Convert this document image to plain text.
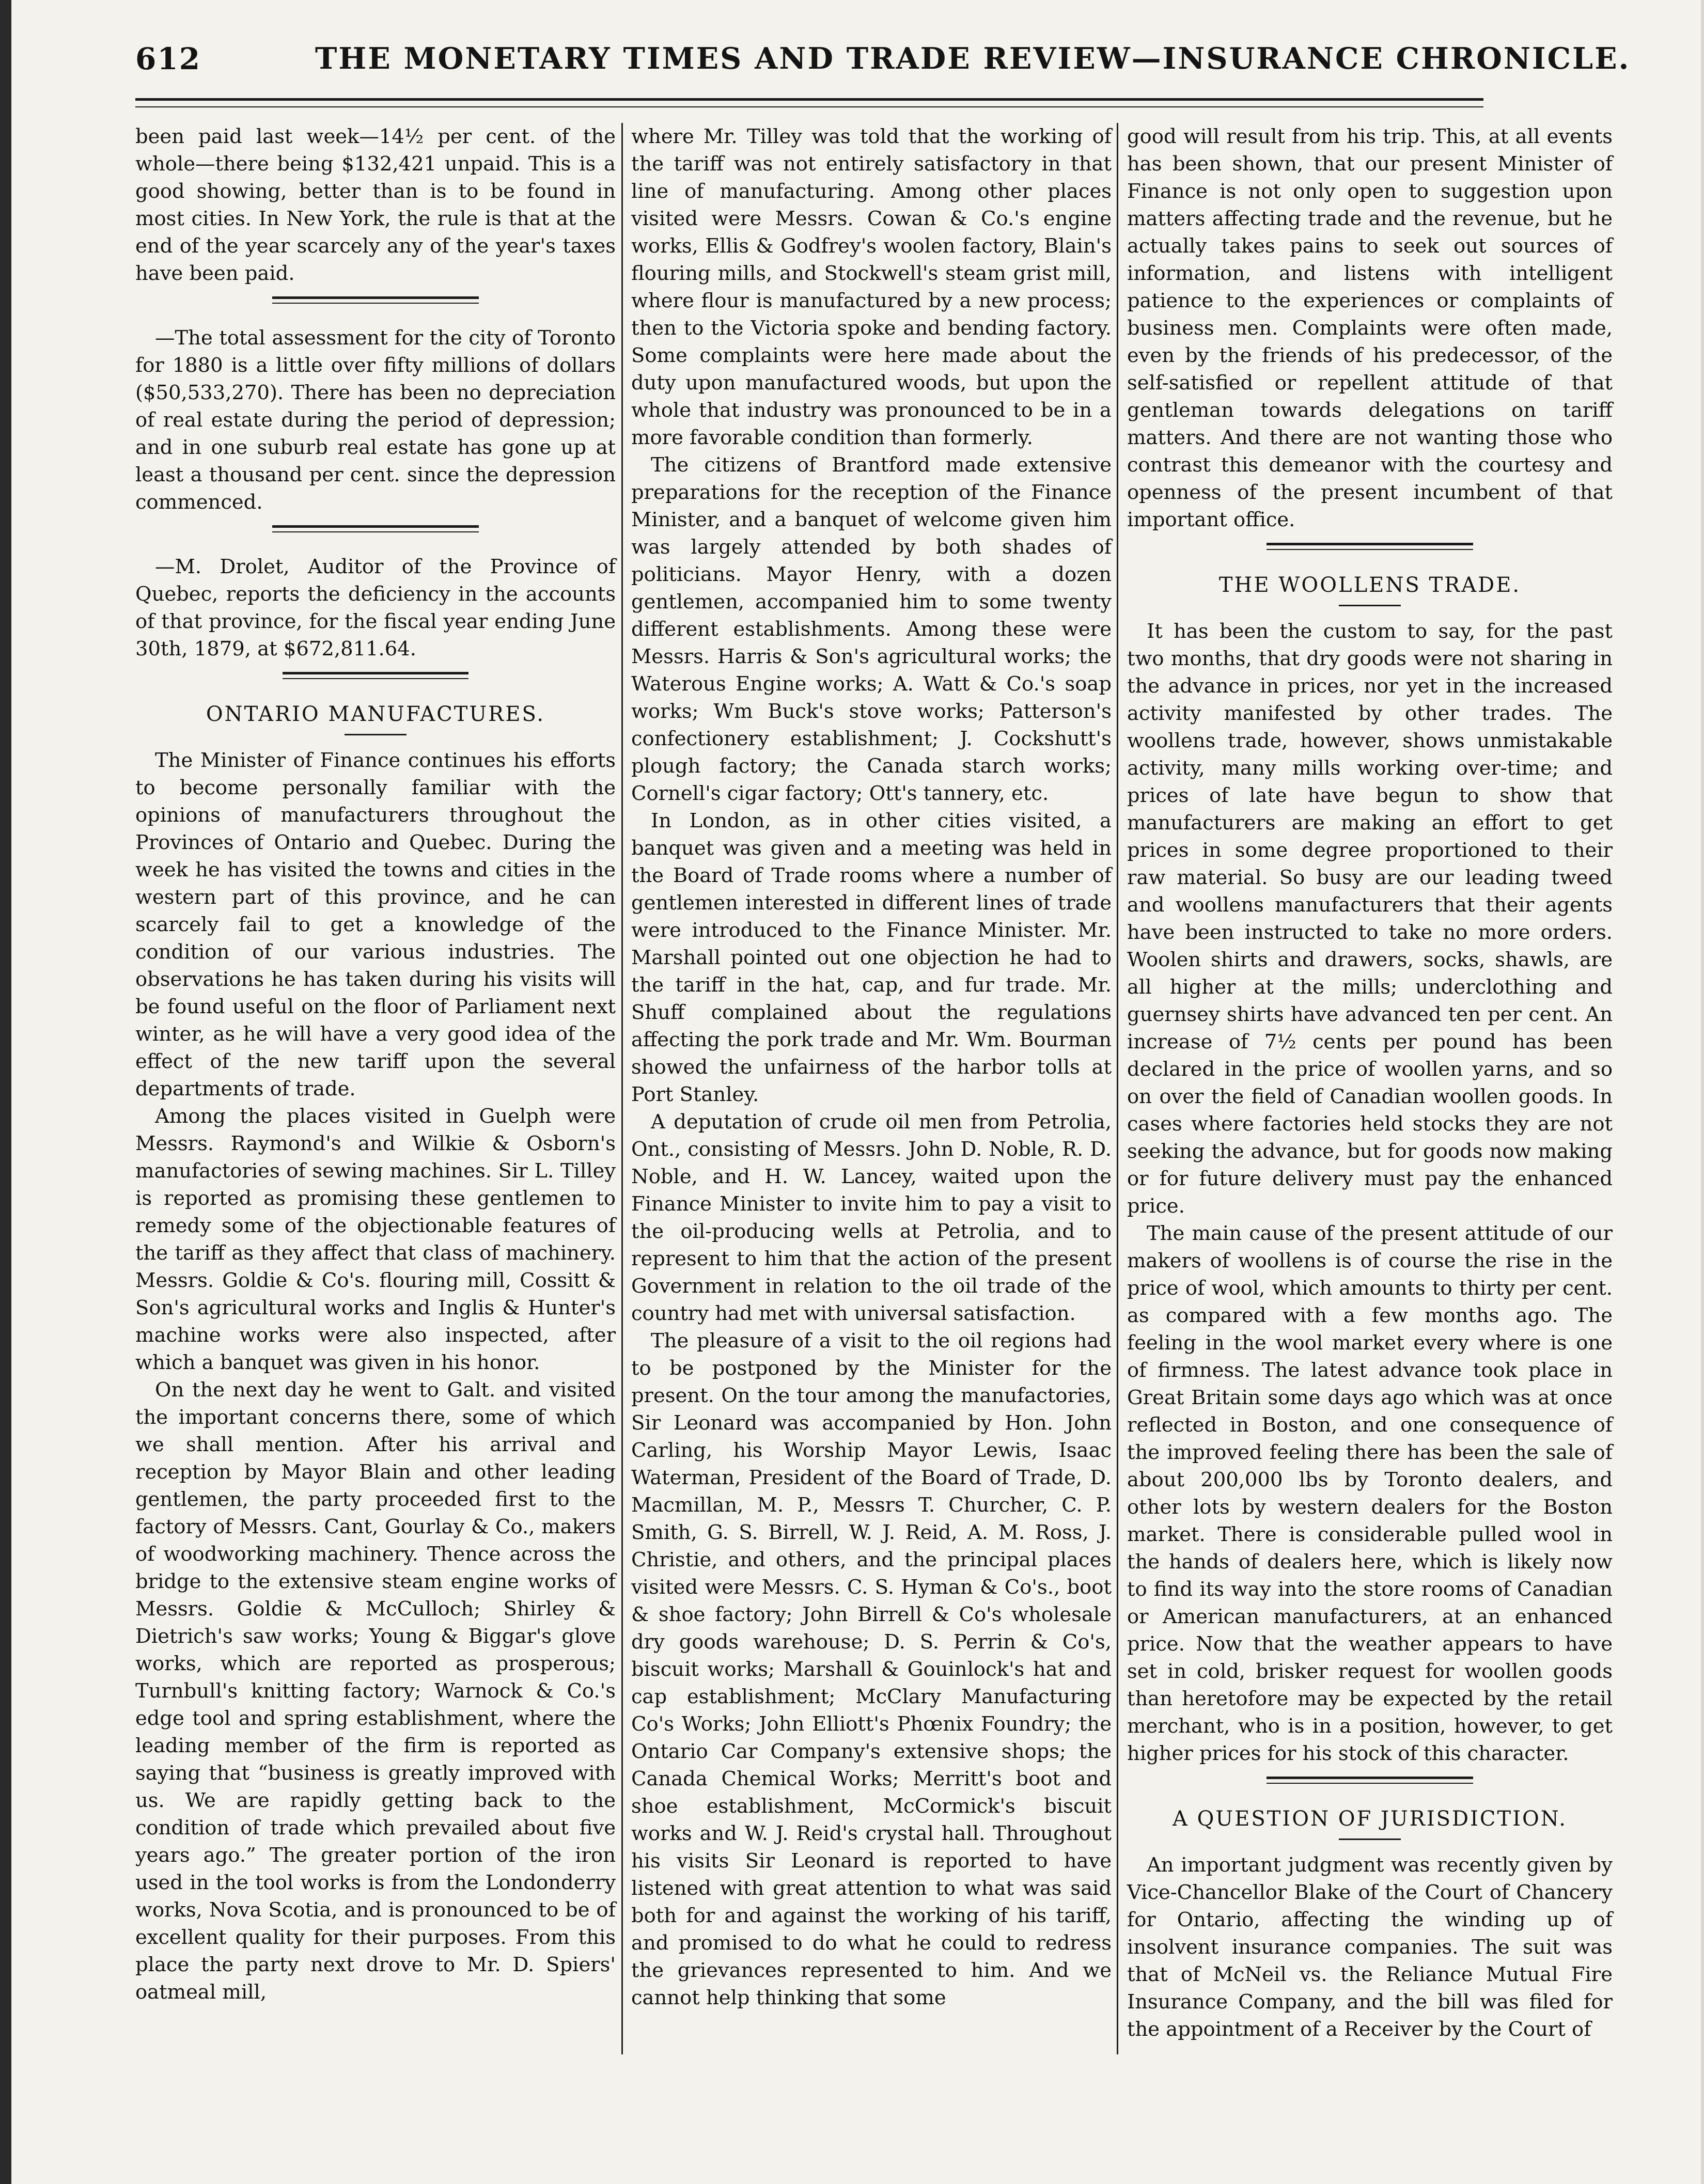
612	THE MONETARY TIMES AND TRADE REVIEW—INSURANCE CHRONICLE.

been paid last week—14½ per cent. of the whole—there being $132,421 unpaid. This is a good showing, better than is to be found in most cities. In New York, the rule is that at the end of the year scarcely any of the year's taxes have been paid.

—The total assessment for the city of Toronto for 1880 is a little over fifty millions of dollars ($50,533,270). There has been no depreciation of real estate during the period of depression; and in one suburb real estate has gone up at least a thousand per cent. since the depression commenced.

—M. Drolet, Auditor of the Province of Quebec, reports the deficiency in the accounts of that province, for the fiscal year ending June 30th, 1879, at $672,811.64.

ONTARIO MANUFACTURES.

The Minister of Finance continues his efforts to become personally familiar with the opinions of manufacturers throughout the Provinces of Ontario and Quebec. During the week he has visited the towns and cities in the western part of this province, and he can scarcely fail to get a knowledge of the condition of our various industries. The observations he has taken during his visits will be found useful on the floor of Parliament next winter, as he will have a very good idea of the effect of the new tariff upon the several departments of trade.

Among the places visited in Guelph were Messrs. Raymond's and Wilkie & Osborn's manufactories of sewing machines. Sir L. Tilley is reported as promising these gentlemen to remedy some of the objectionable features of the tariff as they affect that class of machinery. Messrs. Goldie & Co's. flouring mill, Cossitt & Son's agricultural works and Inglis & Hunter's machine works were also inspected, after which a banquet was given in his honor.

On the next day he went to Galt. and visited the important concerns there, some of which we shall mention. After his arrival and reception by Mayor Blain and other leading gentlemen, the party proceeded first to the factory of Messrs. Cant, Gourlay & Co., makers of woodworking machinery. Thence across the bridge to the extensive steam engine works of Messrs. Goldie & McCulloch; Shirley & Dietrich's saw works; Young & Biggar's glove works, which are reported as prosperous; Turnbull's knitting factory; Warnock & Co.'s edge tool and spring establishment, where the leading member of the firm is reported as saying that “business is greatly improved with us. We are rapidly getting back to the condition of trade which prevailed about five years ago.” The greater portion of the iron used in the tool works is from the Londonderry works, Nova Scotia, and is pronounced to be of excellent quality for their purposes. From this place the party next drove to Mr. D. Spiers' oatmeal mill,

where Mr. Tilley was told that the working of the tariff was not entirely satisfactory in that line of manufacturing. Among other places visited were Messrs. Cowan & Co.'s engine works, Ellis & Godfrey's woolen factory, Blain's flouring mills, and Stockwell's steam grist mill, where flour is manufactured by a new process; then to the Victoria spoke and bending factory. Some complaints were here made about the duty upon manufactured woods, but upon the whole that industry was pronounced to be in a more favorable condition than formerly.

The citizens of Brantford made extensive preparations for the reception of the Finance Minister, and a banquet of welcome given him was largely attended by both shades of politicians. Mayor Henry, with a dozen gentlemen, accompanied him to some twenty different establishments. Among these were Messrs. Harris & Son's agricultural works; the Waterous Engine works; A. Watt & Co.'s soap works; Wm Buck's stove works; Patterson's confectionery establishment; J. Cockshutt's plough factory; the Canada starch works; Cornell's cigar factory; Ott's tannery, etc.

In London, as in other cities visited, a banquet was given and a meeting was held in the Board of Trade rooms where a number of gentlemen interested in different lines of trade were introduced to the Finance Minister. Mr. Marshall pointed out one objection he had to the tariff in the hat, cap, and fur trade. Mr. Shuff complained about the regulations affecting the pork trade and Mr. Wm. Bourman showed the unfairness of the harbor tolls at Port Stanley.

A deputation of crude oil men from Petrolia, Ont., consisting of Messrs. John D. Noble, R. D. Noble, and H. W. Lancey, waited upon the Finance Minister to invite him to pay a visit to the oil-producing wells at Petrolia, and to represent to him that the action of the present Government in relation to the oil trade of the country had met with universal satisfaction.

The pleasure of a visit to the oil regions had to be postponed by the Minister for the present. On the tour among the manufactories, Sir Leonard was accompanied by Hon. John Carling, his Worship Mayor Lewis, Isaac Waterman, President of the Board of Trade, D. Macmillan, M. P., Messrs T. Churcher, C. P. Smith, G. S. Birrell, W. J. Reid, A. M. Ross, J. Christie, and others, and the principal places visited were Messrs. C. S. Hyman & Co's., boot & shoe factory; John Birrell & Co's wholesale dry goods warehouse; D. S. Perrin & Co's, biscuit works; Marshall & Gouinlock's hat and cap establishment; McClary Manufacturing Co's Works; John Elliott's Phœnix Foundry; the Ontario Car Company's extensive shops; the Canada Chemical Works; Merritt's boot and shoe establishment, McCormick's biscuit works and W. J. Reid's crystal hall. Throughout his visits Sir Leonard is reported to have listened with great attention to what was said both for and against the working of his tariff, and promised to do what he could to redress the grievances represented to him. And we cannot help thinking that some

good will result from his trip. This, at all events has been shown, that our present Minister of Finance is not only open to suggestion upon matters affecting trade and the revenue, but he actually takes pains to seek out sources of information, and listens with intelligent patience to the experiences or complaints of business men. Complaints were often made, even by the friends of his predecessor, of the self-satisfied or repellent attitude of that gentleman towards delegations on tariff matters. And there are not wanting those who contrast this demeanor with the courtesy and openness of the present incumbent of that important office.

THE WOOLLENS TRADE.

It has been the custom to say, for the past two months, that dry goods were not sharing in the advance in prices, nor yet in the increased activity manifested by other trades. The woollens trade, however, shows unmistakable activity, many mills working over-time; and prices of late have begun to show that manufacturers are making an effort to get prices in some degree proportioned to their raw material. So busy are our leading tweed and woollens manufacturers that their agents have been instructed to take no more orders. Woolen shirts and drawers, socks, shawls, are all higher at the mills; underclothing and guernsey shirts have advanced ten per cent. An increase of 7½ cents per pound has been declared in the price of woollen yarns, and so on over the field of Canadian woollen goods. In cases where factories held stocks they are not seeking the advance, but for goods now making or for future delivery must pay the enhanced price.

The main cause of the present attitude of our makers of woollens is of course the rise in the price of wool, which amounts to thirty per cent. as compared with a few months ago. The feeling in the wool market every where is one of firmness. The latest advance took place in Great Britain some days ago which was at once reflected in Boston, and one consequence of the improved feeling there has been the sale of about 200,000 lbs by Toronto dealers, and other lots by western dealers for the Boston market. There is considerable pulled wool in the hands of dealers here, which is likely now to find its way into the store rooms of Canadian or American manufacturers, at an enhanced price. Now that the weather appears to have set in cold, brisker request for woollen goods than heretofore may be expected by the retail merchant, who is in a position, however, to get higher prices for his stock of this character.

A QUESTION OF JURISDICTION.

An important judgment was recently given by Vice-Chancellor Blake of the Court of Chancery for Ontario, affecting the winding up of insolvent insurance companies. The suit was that of McNeil vs. the Reliance Mutual Fire Insurance Company, and the bill was filed for the appointment of a Receiver by the Court of
